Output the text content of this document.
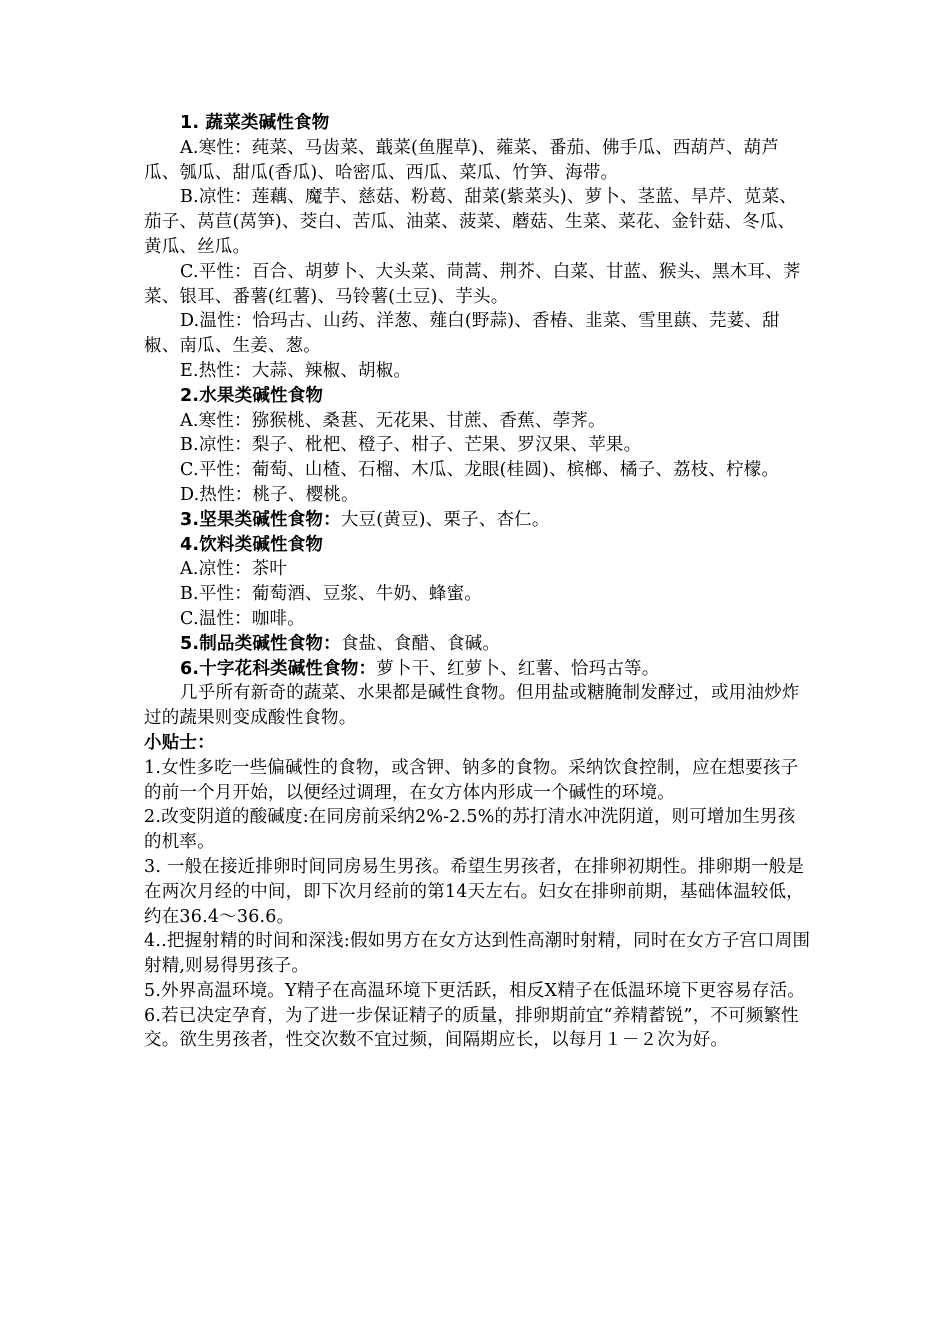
1. 蔬菜类碱性食物

A.寒性：莼菜、马齿菜、蕺菜(鱼腥草)、蕹菜、番茄、佛手瓜、西葫芦、葫芦瓜、瓠瓜、甜瓜(香瓜)、哈密瓜、西瓜、菜瓜、竹笋、海带。

B.凉性：莲藕、魔芋、慈菇、粉葛、甜菜(紫菜头)、萝卜、茎蓝、旱芹、苋菜、茄子、莴苣(莴笋)、茭白、苦瓜、油菜、菠菜、蘑菇、生菜、菜花、金针菇、冬瓜、黄瓜、丝瓜。

C.平性：百合、胡萝卜、大头菜、茼蒿、荆芥、白菜、甘蓝、猴头、黑木耳、荠菜、银耳、番薯(红薯)、马铃薯(土豆)、芋头。

D.温性：恰玛古、山药、洋葱、薤白(野蒜)、香椿、韭菜、雪里蕻、芫荽、甜椒、南瓜、生姜、葱。

E.热性：大蒜、辣椒、胡椒。

2.水果类碱性食物

A.寒性：猕猴桃、桑葚、无花果、甘蔗、香蕉、荸荠。

B.凉性：梨子、枇杷、橙子、柑子、芒果、罗汉果、苹果。

C.平性：葡萄、山楂、石榴、木瓜、龙眼(桂圆)、槟榔、橘子、荔枝、柠檬。

D.热性：桃子、樱桃。

3.坚果类碱性食物：大豆(黄豆)、栗子、杏仁。

4.饮料类碱性食物

A.凉性：茶叶

B.平性：葡萄酒、豆浆、牛奶、蜂蜜。

C.温性：咖啡。

5.制品类碱性食物：食盐、食醋、食碱。

6.十字花科类碱性食物：萝卜干、红萝卜、红薯、恰玛古等。

几乎所有新奇的蔬菜、水果都是碱性食物。但用盐或糖腌制发酵过，或用油炒炸过的蔬果则变成酸性食物。

小贴士：

1.女性多吃一些偏碱性的食物，或含钾、钠多的食物。采纳饮食控制，应在想要孩子的前一个月开始，以便经过调理，在女方体内形成一个碱性的环境。

2.改变阴道的酸碱度:在同房前采纳2%-2.5%的苏打清水冲洗阴道，则可增加生男孩的机率。

3. 一般在接近排卵时间同房易生男孩。希望生男孩者，在排卵初期性。排卵期一般是在两次月经的中间，即下次月经前的第14天左右。妇女在排卵前期，基础体温较低，约在36.4～36.6。

4..把握射精的时间和深浅:假如男方在女方达到性高潮时射精，同时在女方子宫口周围射精,则易得男孩子。

5.外界高温环境。Y精子在高温环境下更活跃，相反X精子在低温环境下更容易存活。

6.若已决定孕育，为了进一步保证精子的质量，排卵期前宜“养精蓄锐”，不可频繁性交。欲生男孩者，性交次数不宜过频，间隔期应长，以每月１－２次为好。
